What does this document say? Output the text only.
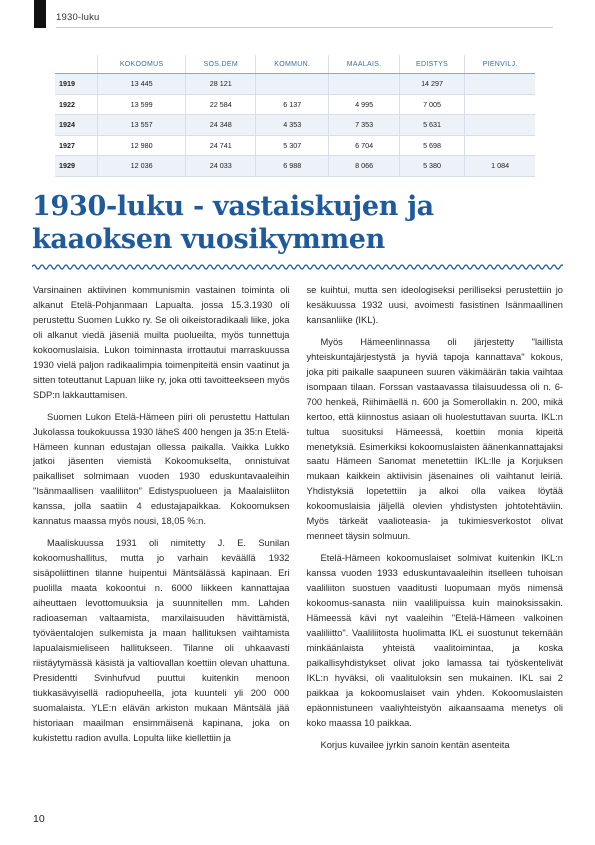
1930-luku
	KOKOOMUS	SOS.DEM	KOMMUN.	MAALAIS.	EDISTYS	PIENVILJ.
1919	13 445	28 121			14 297	
1922	13 599	22 584	6 137	4 995	7 005	
1924	13 557	24 348	4 353	7 353	5 631	
1927	12 980	24 741	5 307	6 704	5 698	
1929	12 036	24 033	6 988	8 066	5 380	1 084
1930-luku - vastaiskujen ja
kaaoksen vuosikymmen

Varsinainen aktiivinen kommunismin vastainen toiminta oli alkanut Etelä-Pohjanmaan Lapualta. jossa 15.3.1930 oli perustettu Suomen Lukko ry. Se oli oikeistoradikaali liike, joka oli alkanut viedä jäseniä muilta puolueilta, myös tunnettuja kokoomuslaisia. Lukon toiminnasta irrottautui marraskuussa 1930 vielä paljon radikaalimpia toimenpiteitä ensin vaatinut ja sitten toteuttanut Lapuan liike ry, joka otti tavoitteekseen myös SDP:n lakkauttamisen.

Suomen Lukon Etelä-Hämeen piiri oli perustettu Hattulan Jukolassa toukokuussa 1930 läheS 400 hengen ja 35:n Etelä-Hämeen kunnan edustajan ollessa paikalla. Vaikka Lukko jatkoi jäsenten viemistä Kokoomukselta, onnistuivat paikalliset solmimaan vuoden 1930 eduskuntavaaleihin "Isänmaallisen vaaliliiton" Edistyspuolueen ja Maalaisliiton kanssa, jolla saatiin 4 edustajapaikkaa. Kokoomuksen kannatus maassa myös nousi, 18,05 %:n.

Maaliskuussa 1931 oli nimitetty J. E. Sunilan kokoomushallitus, mutta jo varhain keväällä 1932 sisäpoliittinen tilanne huipentui Mäntsälässä kapinaan. Eri puolilla maata kokoontui n. 6000 liikkeen kannattajaa aiheuttaen levottomuuksia ja suunnitellen mm. Lahden radioaseman valtaamista, marxilaisuuden hävittämistä, työväentalojen sulkemista ja maan hallituksen vaihtamista lapualaismieliseen hallitukseen. Tilanne oli uhkaavasti riistäytymässä käsistä ja valtiovallan koettiin olevan uhattuna. Presidentti Svinhufvud puuttui kuitenkin menoon tiukkasävyisellä radiopuheella, jota kuunteli yli 200 000 suomalaista. YLE:n elävän arkiston mukaan Mäntsälä jää historiaan maailman ensimmäisenä kapinana, joka on kukistettu radion avulla. Lopulta liike kiellettiin ja

se kuihtui, mutta sen ideologiseksi perilliseksi perustettiin jo kesäkuussa 1932 uusi, avoimesti fasistinen Isänmaallinen kansanliike (IKL).

Myös Hämeenlinnassa oli järjestetty "laillista yhteiskuntajärjestystä ja hyviä tapoja kannattava" kokous, joka piti paikalle saapuneen suuren väkimäärän takia vaihtaa isompaan tilaan. Forssan vastaavassa tilaisuudessa oli n. 6-700 henkeä, Riihimäellä n. 600 ja Somerollakin n. 200, mikä kertoo, että kiinnostus asiaan oli huolestuttavan suurta. IKL:n tultua suosituksi Hämeessä, koettiin monia kipeitä menetyksiä. Esimerkiksi kokoomuslaisten äänenkannattajaksi saatu Hämeen Sanomat menetettiin IKL:lle ja Korjuksen mukaan kaikkein aktiivisin jäsenaines oli vaihtanut leiriä. Yhdistyksiä lopetettiin ja alkoi olla vaikea löytää kokoomuslaisia jäljellä olevien yhdistysten johtotehtäviin. Myös tärkeät vaalioteasia- ja tukimiesverkostot olivat menneet täysin solmuun.

Etelä-Hämeen kokoomuslaiset solmivat kuitenkin IKL:n kanssa vuoden 1933 eduskuntavaaleihin itselleen tuhoisan vaaliliiton suostuen vaaditusti luopumaan myös nimensä kokoomus-sanasta niin vaalilipuissa kuin mainoksissakin. Hämeessä kävi nyt vaaleihin "Etelä-Hämeen valkoinen vaaliliitto". Vaaliliitosta huolimatta IKL ei suostunut tekemään minkäänlaista yhteistä vaalitoimintaa, ja koska paikallisyhdistykset olivat joko lamassa tai työskentelivät IKL:n hyväksi, oli vaalituloksin sen mukainen. IKL sai 2 paikkaa ja kokoomuslaiset vain yhden. Kokoomuslaisten epäonnistuneen vaaliyhteistyön aikaansaama menetys oli koko maassa 10 paikkaa.

Korjus kuvailee jyrkin sanoin kentän asenteita

10
